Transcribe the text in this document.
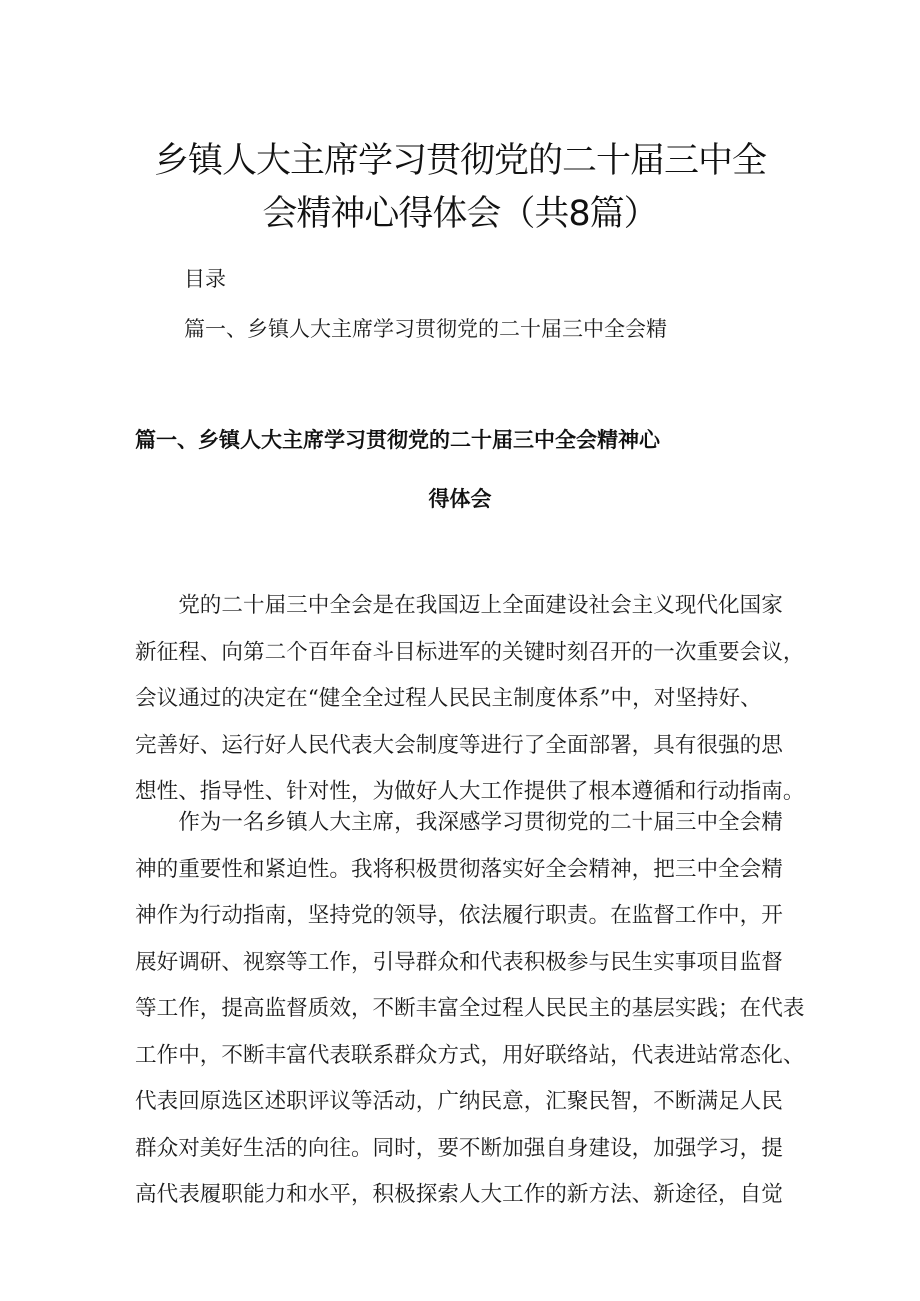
乡镇人大主席学习贯彻党的二十届三中全
会精神心得体会（共8篇）
目录
篇一、乡镇人大主席学习贯彻党的二十届三中全会精
篇一、乡镇人大主席学习贯彻党的二十届三中全会精神心
得体会
　　党的二十届三中全会是在我国迈上全面建设社会主义现代化国家
新征程、向第二个百年奋斗目标进军的关键时刻召开的一次重要会议，
会议通过的决定在“健全全过程人民民主制度体系”中，对坚持好、
完善好、运行好人民代表大会制度等进行了全面部署，具有很强的思
想性、指导性、针对性，为做好人大工作提供了根本遵循和行动指南。
　　作为一名乡镇人大主席，我深感学习贯彻党的二十届三中全会精
神的重要性和紧迫性。我将积极贯彻落实好全会精神，把三中全会精
神作为行动指南，坚持党的领导，依法履行职责。在监督工作中，开
展好调研、视察等工作，引导群众和代表积极参与民生实事项目监督
等工作，提高监督质效，不断丰富全过程人民民主的基层实践；在代表
工作中，不断丰富代表联系群众方式，用好联络站，代表进站常态化、
代表回原选区述职评议等活动，广纳民意，汇聚民智，不断满足人民
群众对美好生活的向往。同时，要不断加强自身建设，加强学习，提
高代表履职能力和水平，积极探索人大工作的新方法、新途径，自觉
